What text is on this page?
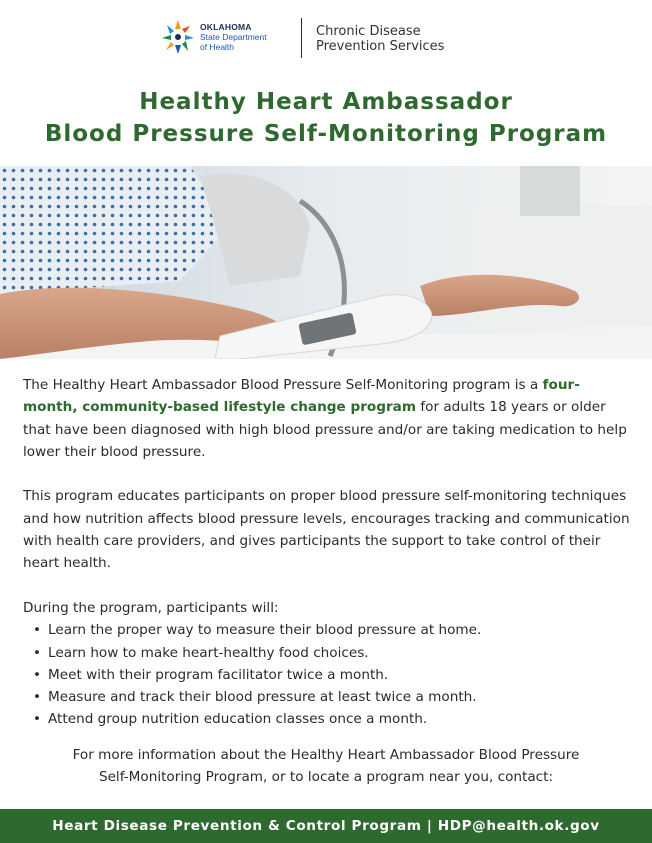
OKLAHOMA
State Department
of Health
Chronic Disease
Prevention Services
Healthy Heart Ambassador
Blood Pressure Self-Monitoring Program

The Healthy Heart Ambassador Blood Pressure Self-Monitoring program is a four-month, community-based lifestyle change program for adults 18 years or older that have been diagnosed with high blood pressure and/or are taking medication to help lower their blood pressure.

This program educates participants on proper blood pressure self-monitoring techniques and how nutrition affects blood pressure levels, encourages tracking and communication with health care providers, and gives participants the support to take control of their heart health.

During the program, participants will:

• Learn the proper way to measure their blood pressure at home.
• Learn how to make heart-healthy food choices.
• Meet with their program facilitator twice a month.
• Measure and track their blood pressure at least twice a month.
• Attend group nutrition education classes once a month.
For more information about the Healthy Heart Ambassador Blood Pressure
Self-Monitoring Program, or to locate a program near you, contact:
Heart Disease Prevention & Control Program | HDP@health.ok.gov
